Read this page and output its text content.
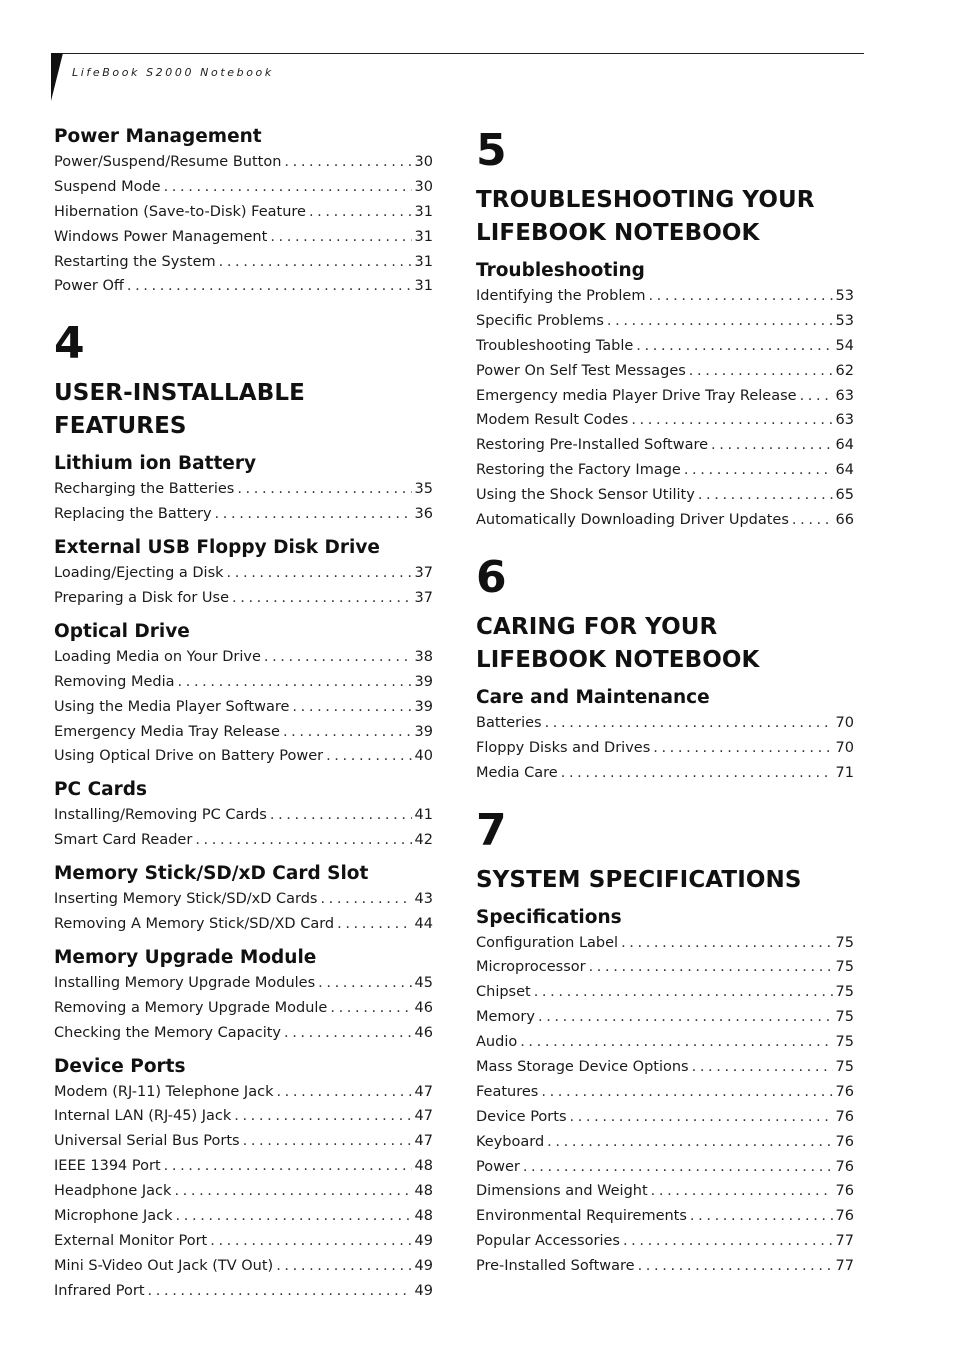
LifeBook S2000 Notebook
Power Management
Power/Suspend/Resume Button . . .	30
Suspend Mode . . .	30
Hibernation (Save-to-Disk) Feature . . .	31
Windows Power Management . . .	31
Restarting the System . . .	31
Power Off . . .	31
4
USER-INSTALLABLE FEATURES
Lithium ion Battery
Recharging the Batteries . . .	35
Replacing the Battery . . .	36
External USB Floppy Disk Drive
Loading/Ejecting a Disk . . .	37
Preparing a Disk for Use . . .	37
Optical Drive
Loading Media on Your Drive . . .	38
Removing Media . . .	39
Using the Media Player Software . . .	39
Emergency Media Tray Release . . .	39
Using Optical Drive on Battery Power . . .	40
PC Cards
Installing/Removing PC Cards . . .	41
Smart Card Reader . . .	42
Memory Stick/SD/xD Card Slot
Inserting Memory Stick/SD/xD Cards . . .	43
Removing A Memory Stick/SD/XD Card . . .	44
Memory Upgrade Module
Installing Memory Upgrade Modules . . .	45
Removing a Memory Upgrade Module . . .	46
Checking the Memory Capacity . . .	46
Device Ports
Modem (RJ-11) Telephone Jack . . .	47
Internal LAN (RJ-45) Jack . . .	47
Universal Serial Bus Ports . . .	47
IEEE 1394 Port . . .	48
Headphone Jack . . .	48
Microphone Jack . . .	48
External Monitor Port . . .	49
Mini S-Video Out Jack (TV Out) . . .	49
Infrared Port . . .	49
5
TROUBLESHOOTING YOUR LIFEBOOK NOTEBOOK
Troubleshooting
Identifying the Problem . . .	53
Specific Problems . . .	53
Troubleshooting Table . . .	54
Power On Self Test Messages . . .	62
Emergency media Player Drive Tray Release . . .	63
Modem Result Codes . . .	63
Restoring Pre-Installed Software . . .	64
Restoring the Factory Image . . .	64
Using the Shock Sensor Utility . . .	65
Automatically Downloading Driver Updates . . .	66
6
CARING FOR YOUR LIFEBOOK NOTEBOOK
Care and Maintenance
Batteries . . .	70
Floppy Disks and Drives . . .	70
Media Care . . .	71
7
SYSTEM SPECIFICATIONS
Specifications
Configuration Label . . .	75
Microprocessor . . .	75
Chipset . . .	75
Memory . . .	75
Audio . . .	75
Mass Storage Device Options . . .	75
Features . . .	76
Device Ports . . .	76
Keyboard . . .	76
Power . . .	76
Dimensions and Weight . . .	76
Environmental Requirements . . .	76
Popular Accessories . . .	77
Pre-Installed Software . . .	77
